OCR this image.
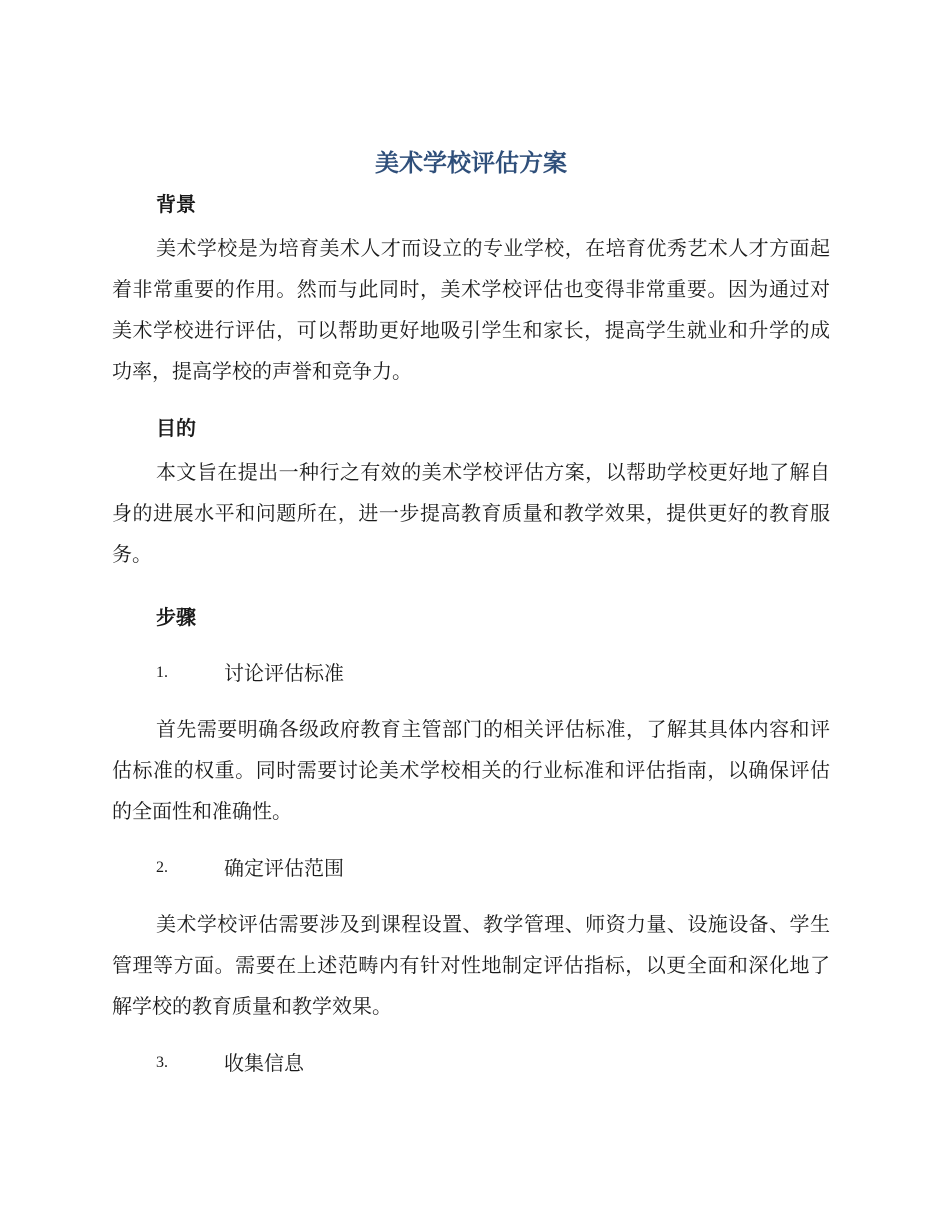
美术学校评估方案
背景

美术学校是为培育美术人才而设立的专业学校，在培育优秀艺术人才方面起着非常重要的作用。然而与此同时，美术学校评估也变得非常重要。因为通过对美术学校进行评估，可以帮助更好地吸引学生和家长，提高学生就业和升学的成功率，提高学校的声誉和竞争力。

目的

本文旨在提出一种行之有效的美术学校评估方案，以帮助学校更好地了解自身的进展水平和问题所在，进一步提高教育质量和教学效果，提供更好的教育服务。

步骤
1.	讨论评估标准

首先需要明确各级政府教育主管部门的相关评估标准，了解其具体内容和评估标准的权重。同时需要讨论美术学校相关的行业标准和评估指南，以确保评估的全面性和准确性。

2.	确定评估范围

美术学校评估需要涉及到课程设置、教学管理、师资力量、设施设备、学生管理等方面。需要在上述范畴内有针对性地制定评估指标，以更全面和深化地了解学校的教育质量和教学效果。

3.	收集信息
